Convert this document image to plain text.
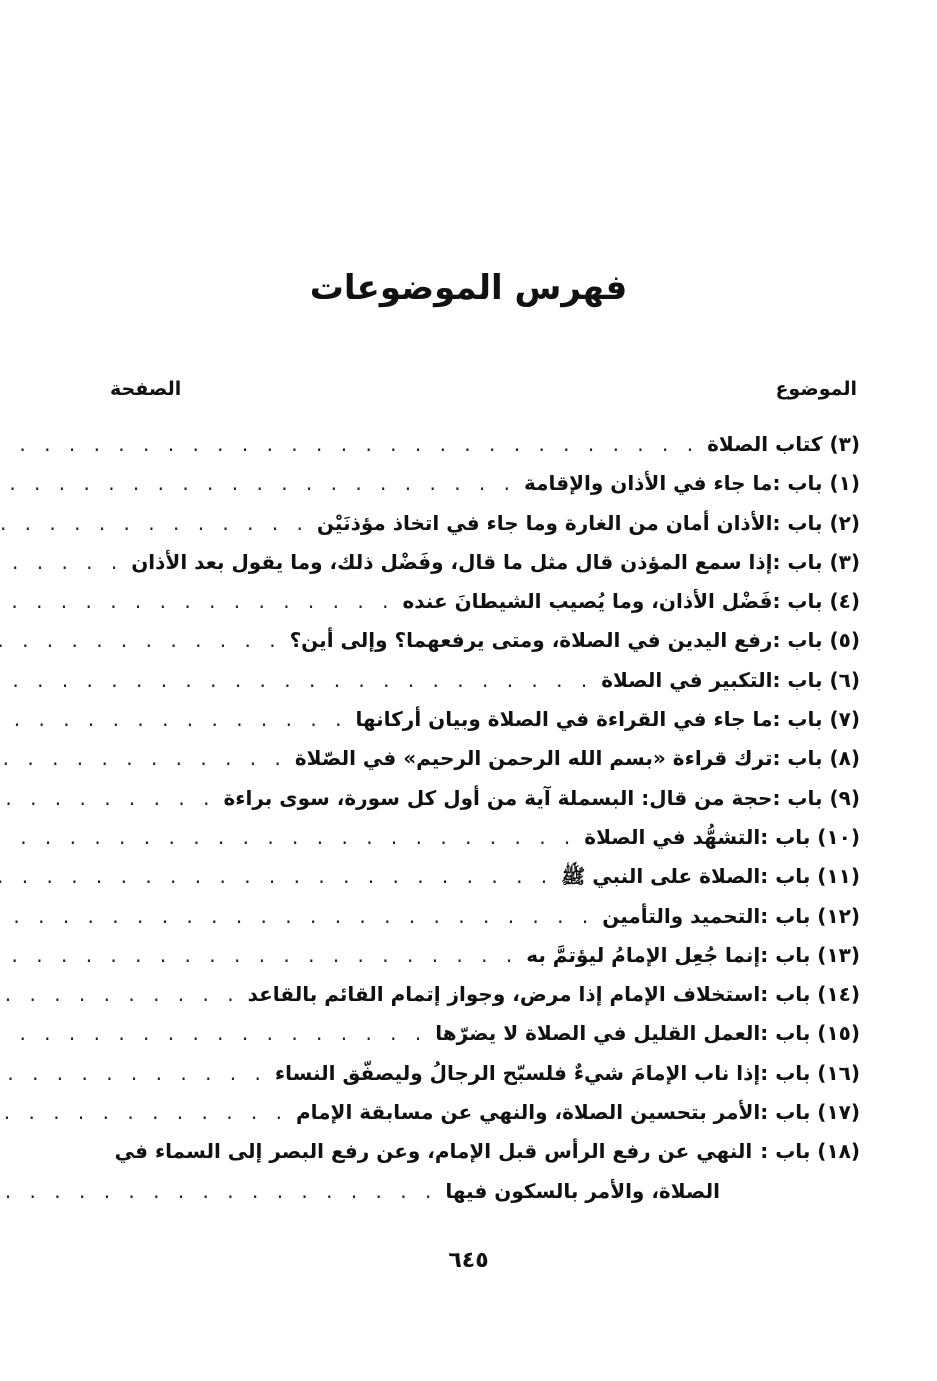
فهرس الموضوعات
الموضوع
الصفحة
(٣) كتاب الصلاة
. . .
(١) باب :
ما جاء في الأذان والإقامة
. . .
(٢) باب :
الأذان أمان من الغارة وما جاء في اتخاذ مؤذنَيْن
. . .
(٣) باب :
إذا سمع المؤذن قال مثل ما قال، وفَضْل ذلك، وما يقول بعد الأذان
. . .
(٤) باب :
فَضْل الأذان، وما يُصيب الشيطانَ عنده
. . .
(٥) باب :
رفع اليدين في الصلاة، ومتى يرفعهما؟ وإلى أين؟
. . .
(٦) باب :
التكبير في الصلاة
. . .
(٧) باب :
ما جاء في القراءة في الصلاة وبيان أركانها
. . .
(٨) باب :
ترك قراءة «بسم الله الرحمن الرحيم» في الصّلاة
. . .
(٩) باب :
حجة من قال: البسملة آية من أول كل سورة، سوى براءة
. . .
(١٠) باب :
التشهُّد في الصلاة
. . .
(١١) باب :
الصلاة على النبي ﷺ
. . .
(١٢) باب :
التحميد والتأمين
. . .
(١٣) باب :
إنما جُعِل الإمامُ ليؤتمَّ به
. . .
(١٤) باب :
استخلاف الإمام إذا مرض، وجواز إتمام القائم بالقاعد
. . .
(١٥) باب :
العمل القليل في الصلاة لا يضرّها
. . .
(١٦) باب :
إذا ناب الإمامَ شيءٌ فلسبّح الرجالُ وليصفّق النساء
. . .
(١٧) باب :
الأمر بتحسين الصلاة، والنهي عن مسابقة الإمام
. . .
(١٨) باب :
النهي عن رفع الرأس قبل الإمام، وعن رفع البصر إلى السماء في
الصلاة، والأمر بالسكون فيها
. . .
٦٤٥
